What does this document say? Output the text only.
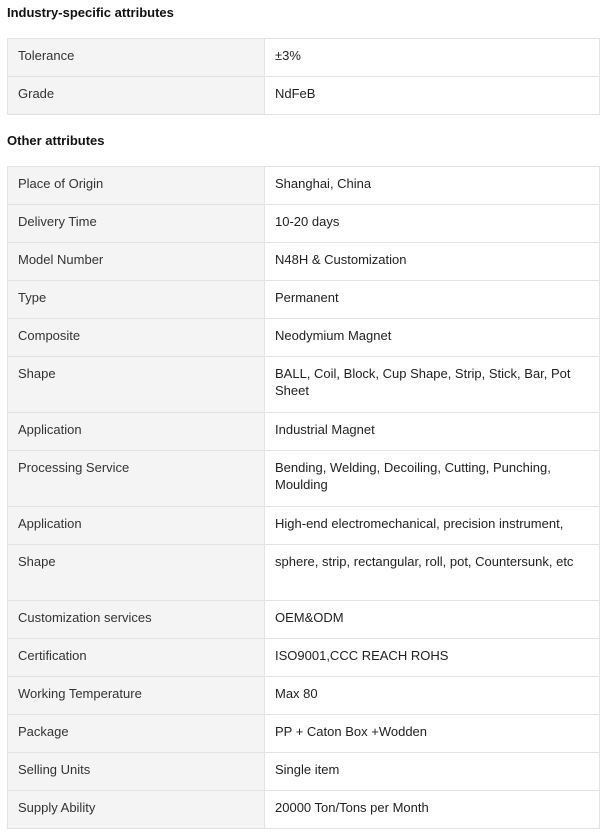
Industry-specific attributes
Tolerance	±3%
Grade	NdFeB
Other attributes
Place of Origin	Shanghai, China
Delivery Time	10-20 days
Model Number	N48H & Customization
Type	Permanent
Composite	Neodymium Magnet
Shape	BALL, Coil, Block, Cup Shape, Strip, Stick, Bar, Pot Sheet
Application	Industrial Magnet
Processing Service	Bending, Welding, Decoiling, Cutting, Punching, Moulding
Application	High-end electromechanical, precision instrument,
Shape	sphere, strip, rectangular, roll, pot, Countersunk, etc
Customization services	OEM&ODM
Certification	ISO9001,CCC REACH ROHS
Working Temperature	Max 80
Package	PP + Caton Box +Wodden
Selling Units	Single item
Supply Ability	20000 Ton/Tons per Month
